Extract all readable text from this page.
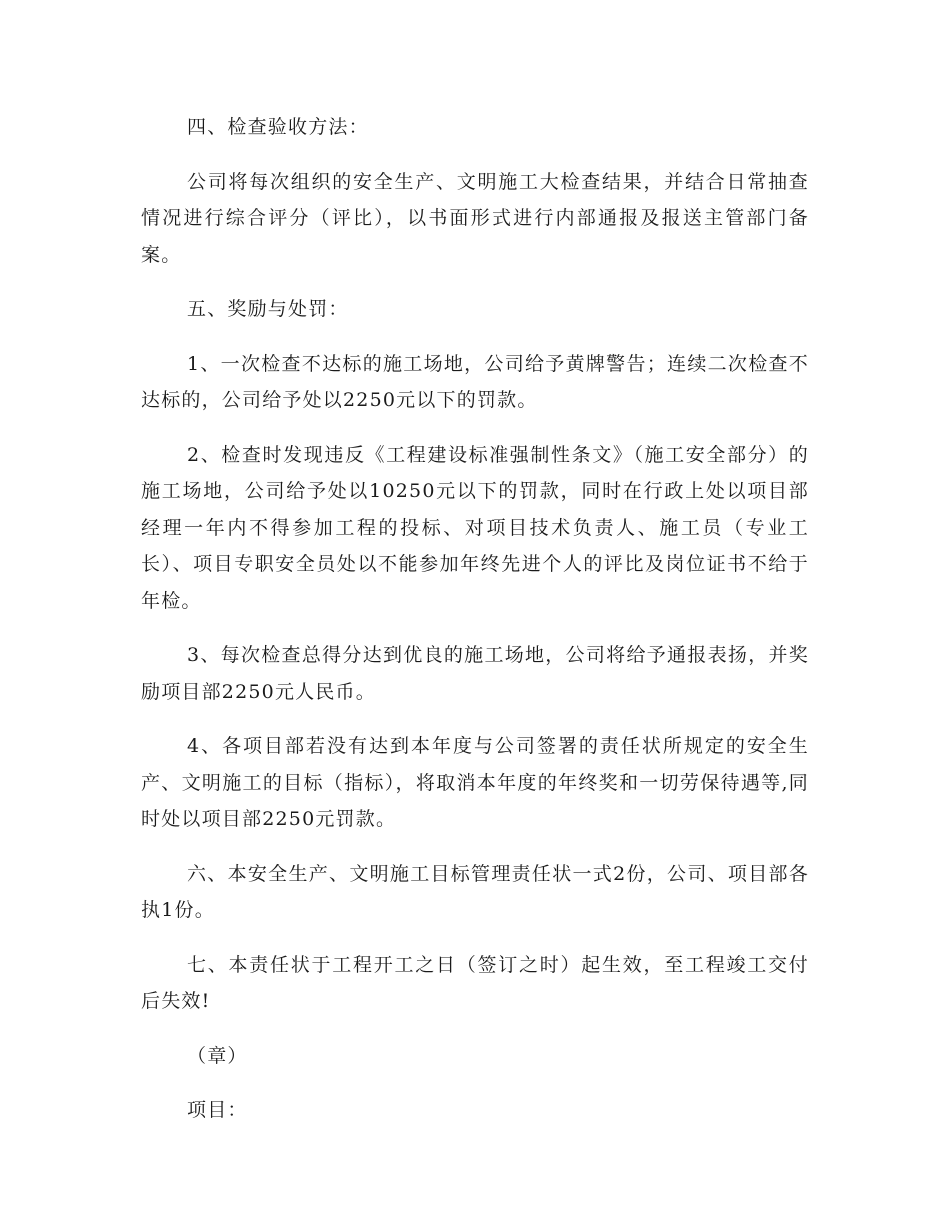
四、检查验收方法：

公司将每次组织的安全生产、文明施工大检查结果，并结合日常抽查情况进行综合评分（评比），以书面形式进行内部通报及报送主管部门备案。

五、奖励与处罚：

1、一次检查不达标的施工场地，公司给予黄牌警告；连续二次检查不达标的，公司给予处以2250元以下的罚款。

2、检查时发现违反《工程建设标准强制性条文》（施工安全部分）的施工场地，公司给予处以10250元以下的罚款，同时在行政上处以项目部经理一年内不得参加工程的投标、对项目技术负责人、施工员（专业工长）、项目专职安全员处以不能参加年终先进个人的评比及岗位证书不给于年检。

3、每次检查总得分达到优良的施工场地，公司将给予通报表扬，并奖励项目部2250元人民币。

4、各项目部若没有达到本年度与公司签署的责任状所规定的安全生产、文明施工的目标（指标），将取消本年度的年终奖和一切劳保待遇等,同时处以项目部2250元罚款。

六、本安全生产、文明施工目标管理责任状一式2份，公司、项目部各执1份。

七、本责任状于工程开工之日（签订之时）起生效，至工程竣工交付后失效!

（章）

项目：
